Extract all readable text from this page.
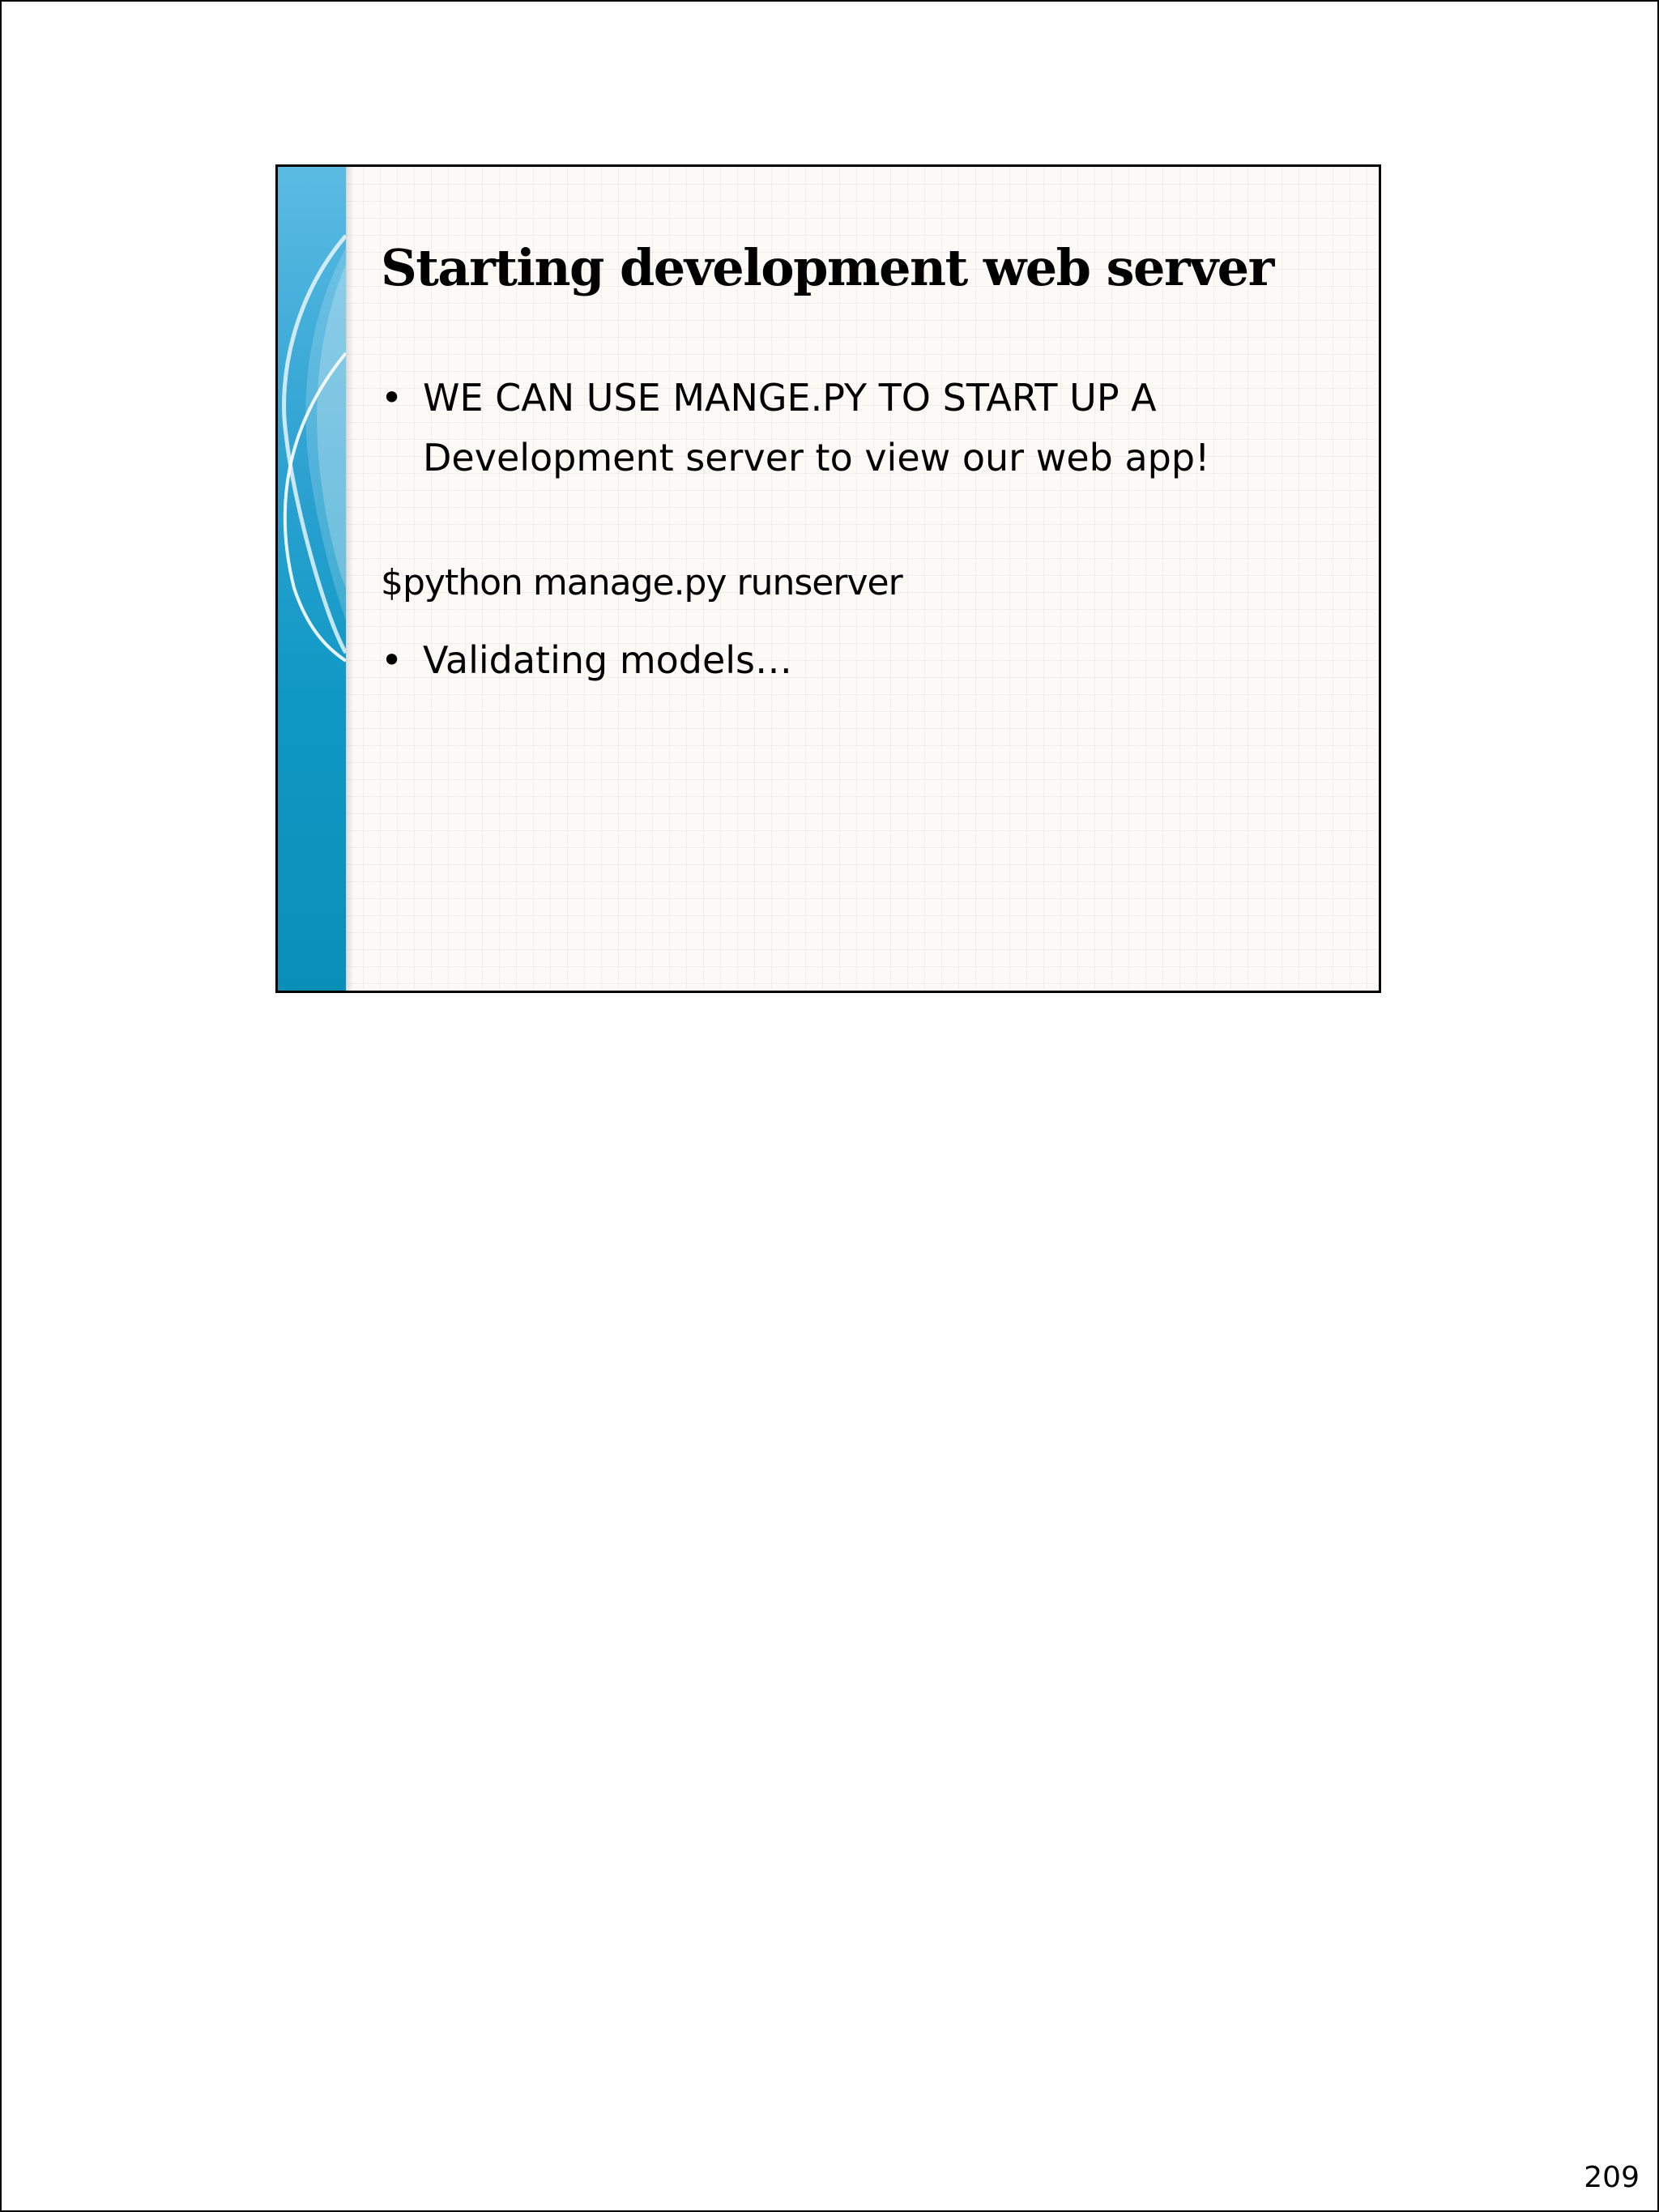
Starting development web server
• WE CAN USE MANGE.PY TO START UP A
Development server to view our web app!
$python manage.py runserver
• Validating models…
209
